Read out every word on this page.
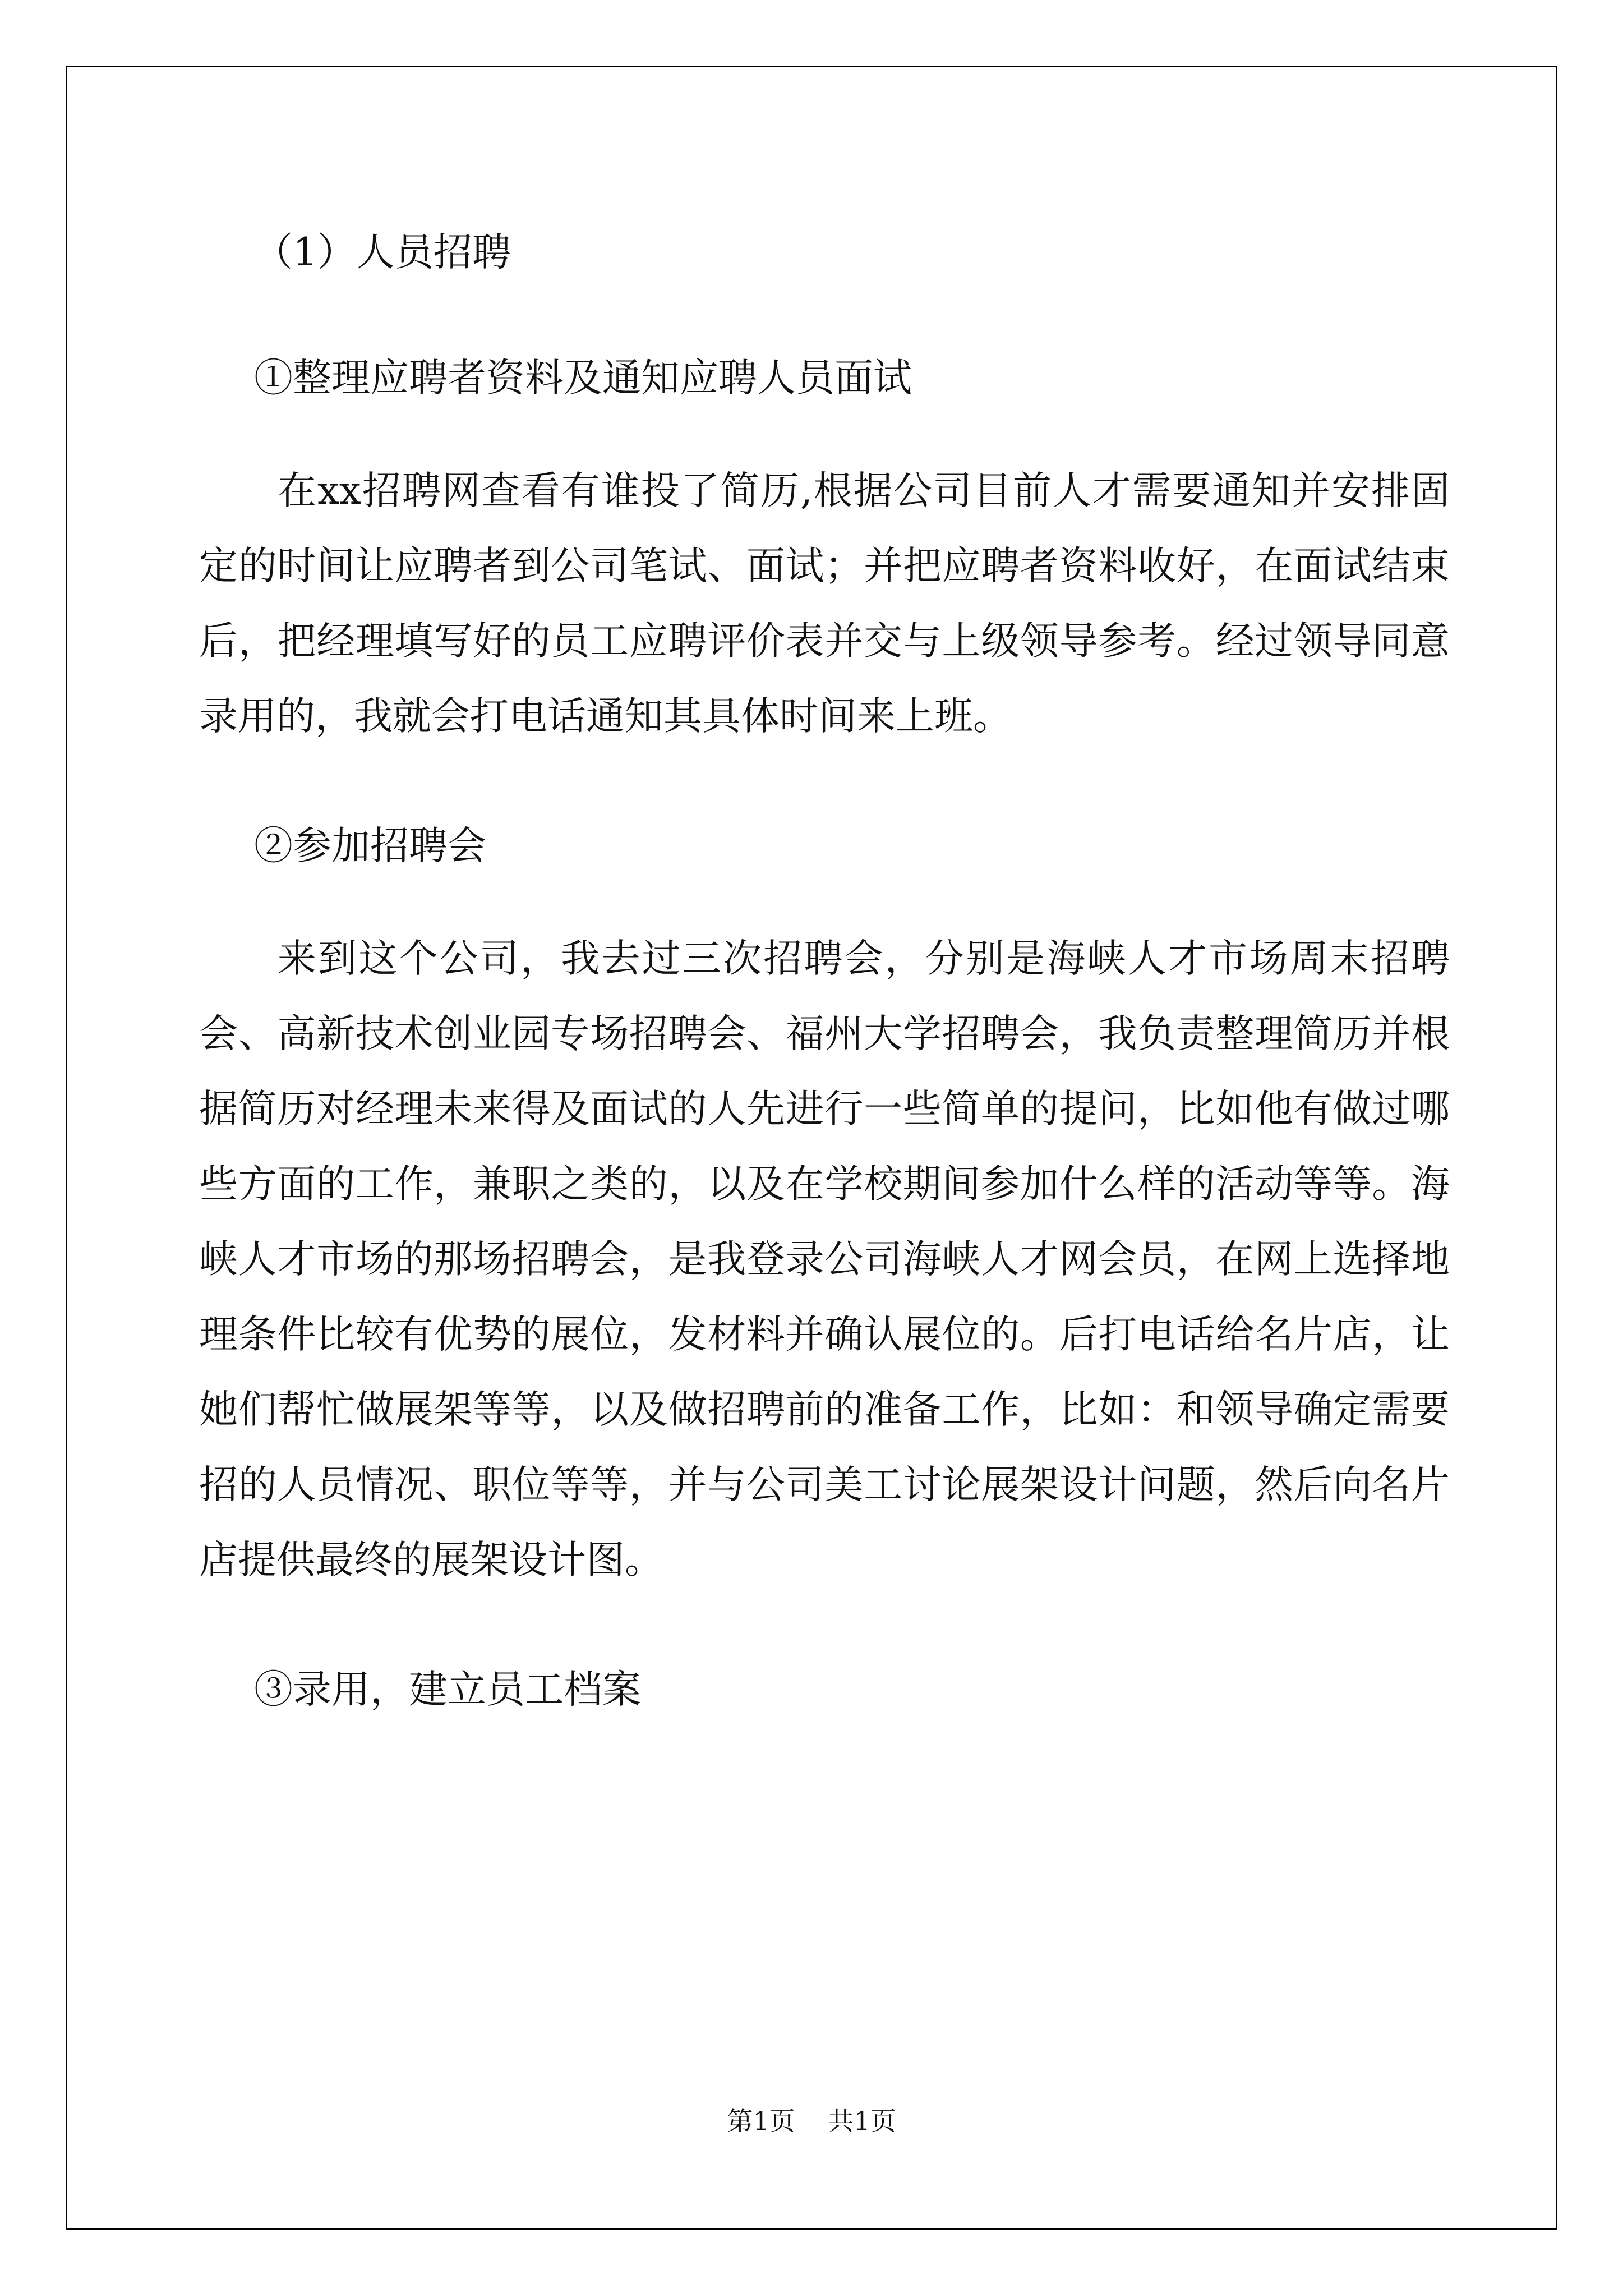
（1）人员招聘
①整理应聘者资料及通知应聘人员面试
在xx招聘网查看有谁投了简历,根据公司目前人才需要通知并安排固定的时间让应聘者到公司笔试、面试；并把应聘者资料收好，在面试结束后，把经理填写好的员工应聘评价表并交与上级领导参考。经过领导同意录用的，我就会打电话通知其具体时间来上班。
②参加招聘会
来到这个公司，我去过三次招聘会，分别是海峡人才市场周末招聘会、高新技术创业园专场招聘会、福州大学招聘会，我负责整理简历并根据简历对经理未来得及面试的人先进行一些简单的提问，比如他有做过哪些方面的工作，兼职之类的，以及在学校期间参加什么样的活动等等。海峡人才市场的那场招聘会，是我登录公司海峡人才网会员，在网上选择地理条件比较有优势的展位，发材料并确认展位的。后打电话给名片店，让她们帮忙做展架等等，以及做招聘前的准备工作，比如：和领导确定需要招的人员情况、职位等等，并与公司美工讨论展架设计问题，然后向名片店提供最终的展架设计图。
③录用，建立员工档案
第1页 共1页
